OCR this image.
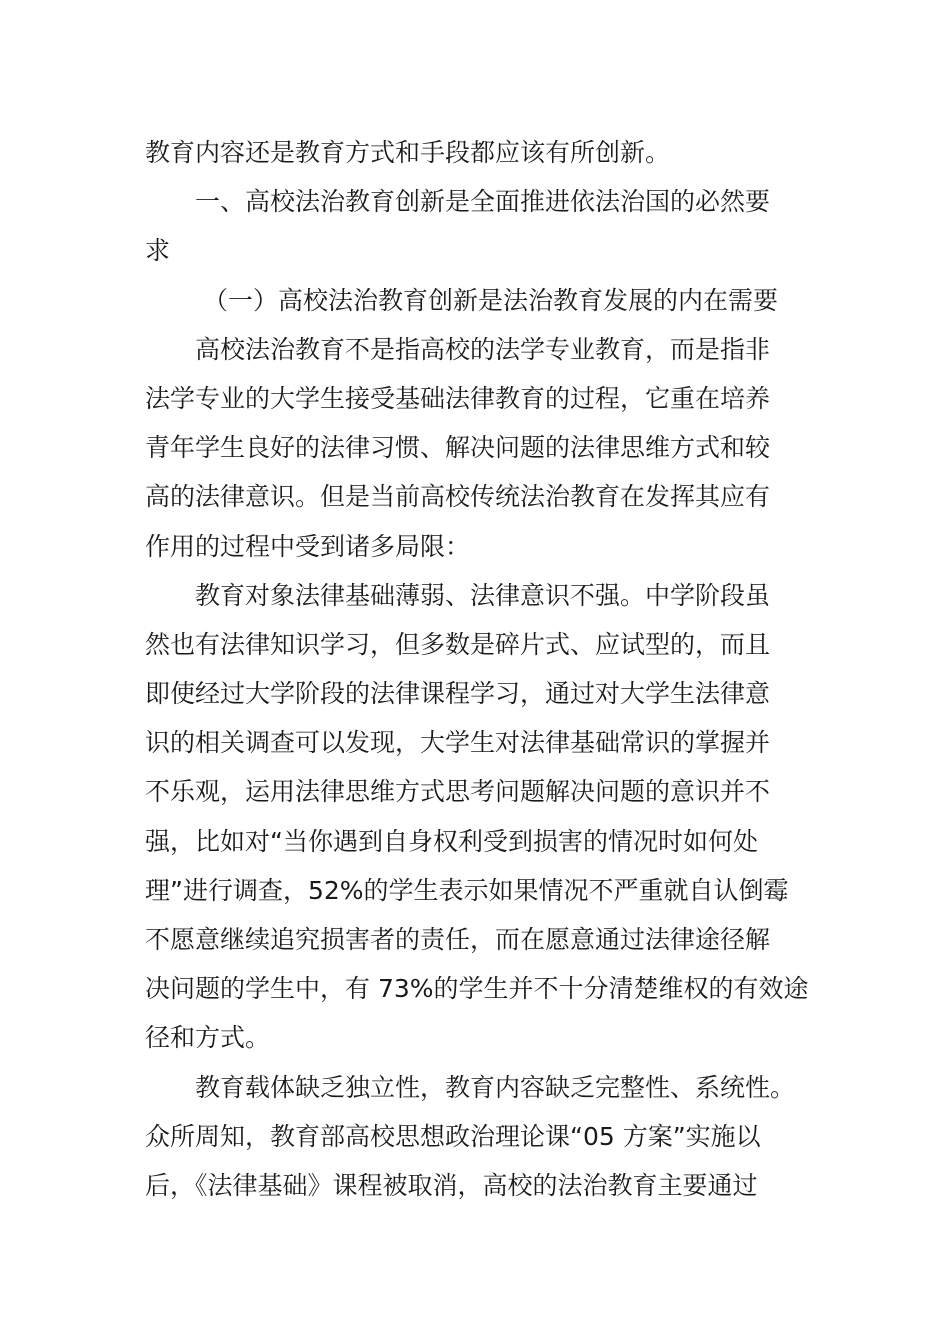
教育内容还是教育方式和手段都应该有所创新。
一、高校法治教育创新是全面推进依法治国的必然要
求
（一）高校法治教育创新是法治教育发展的内在需要
高校法治教育不是指高校的法学专业教育，而是指非
法学专业的大学生接受基础法律教育的过程，它重在培养
青年学生良好的法律习惯、解决问题的法律思维方式和较
高的法律意识。但是当前高校传统法治教育在发挥其应有
作用的过程中受到诸多局限：
教育对象法律基础薄弱、法律意识不强。中学阶段虽
然也有法律知识学习，但多数是碎片式、应试型的，而且
即使经过大学阶段的法律课程学习，通过对大学生法律意
识的相关调查可以发现，大学生对法律基础常识的掌握并
不乐观，运用法律思维方式思考问题解决问题的意识并不
强，比如对“当你遇到自身权利受到损害的情况时如何处
理”进行调查，52%的学生表示如果情况不严重就自认倒霉
不愿意继续追究损害者的责任，而在愿意通过法律途径解
决问题的学生中，有 73%的学生并不十分清楚维权的有效途
径和方式。
教育载体缺乏独立性，教育内容缺乏完整性、系统性。
众所周知，教育部高校思想政治理论课“05 方案”实施以
后，《法律基础》课程被取消，高校的法治教育主要通过
